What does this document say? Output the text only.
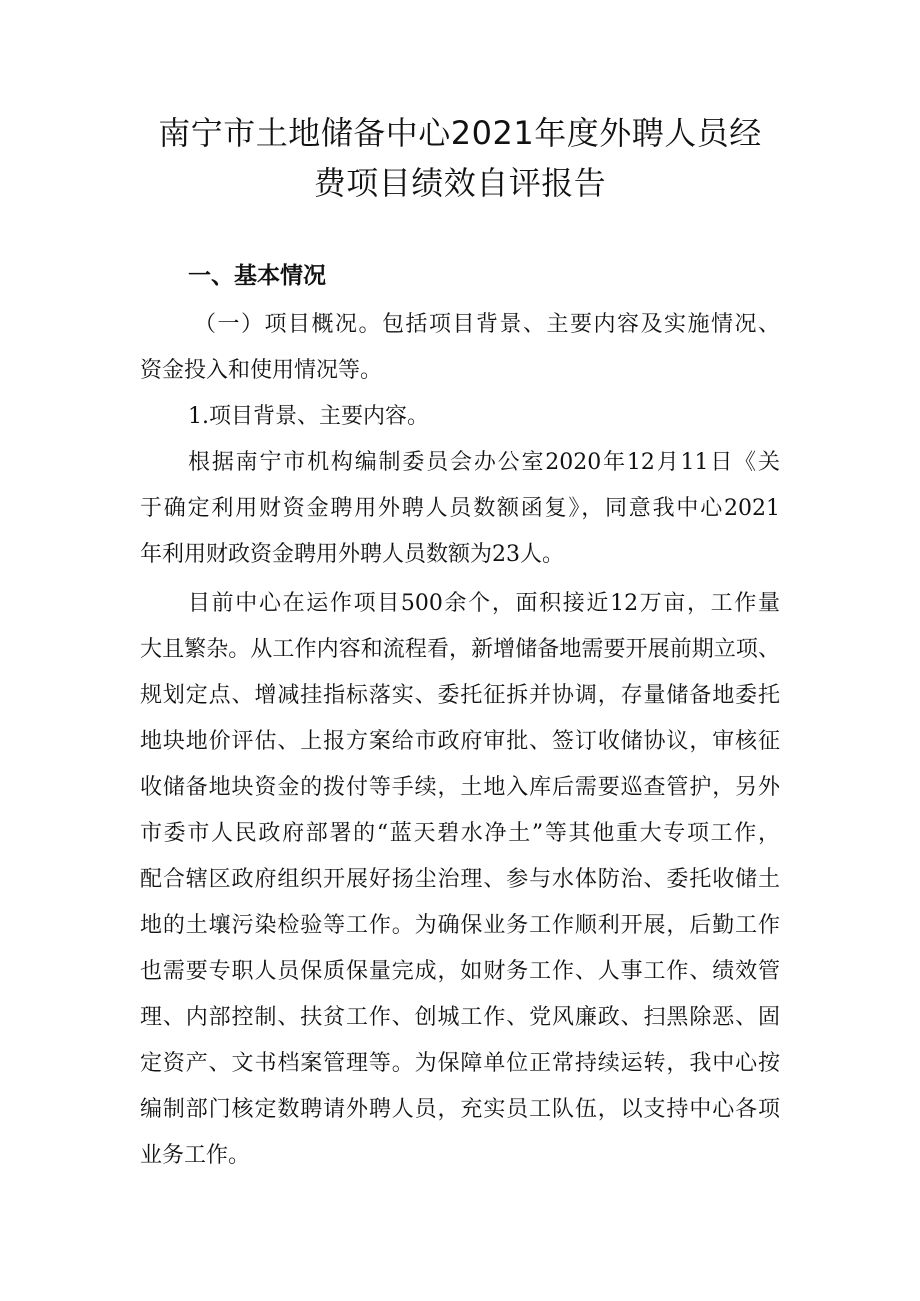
南宁市土地储备中心2021年度外聘人员经
费项目绩效自评报告
一、基本情况
（一）项目概况。包括项目背景、主要内容及实施情况、
资金投入和使用情况等。
1.项目背景、主要内容。
根据南宁市机构编制委员会办公室2020年12月11日《关
于确定利用财资金聘用外聘人员数额函复》，同意我中心2021
年利用财政资金聘用外聘人员数额为23人。
目前中心在运作项目500余个，面积接近12万亩，工作量
大且繁杂。从工作内容和流程看，新增储备地需要开展前期立项、
规划定点、增减挂指标落实、委托征拆并协调，存量储备地委托
地块地价评估、上报方案给市政府审批、签订收储协议，审核征
收储备地块资金的拨付等手续，土地入库后需要巡查管护，另外
市委市人民政府部署的“蓝天碧水净土”等其他重大专项工作，
配合辖区政府组织开展好扬尘治理、参与水体防治、委托收储土
地的土壤污染检验等工作。为确保业务工作顺利开展，后勤工作
也需要专职人员保质保量完成，如财务工作、人事工作、绩效管
理、内部控制、扶贫工作、创城工作、党风廉政、扫黑除恶、固
定资产、文书档案管理等。为保障单位正常持续运转，我中心按
编制部门核定数聘请外聘人员，充实员工队伍，以支持中心各项
业务工作。
